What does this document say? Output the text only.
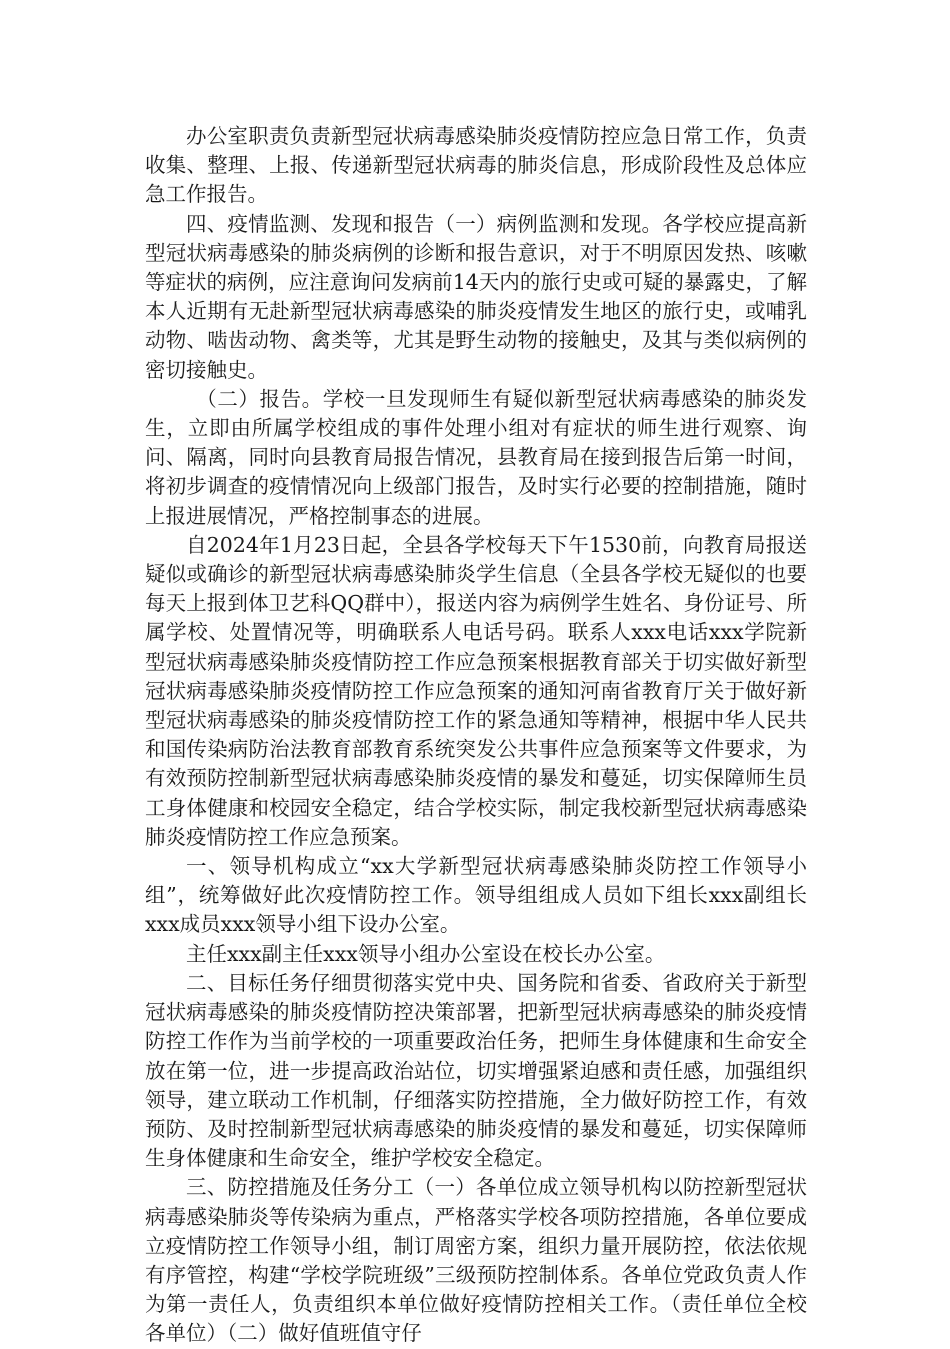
办公室职责负责新型冠状病毒感染肺炎疫情防控应急日常工作，负责收集、整理、上报、传递新型冠状病毒的肺炎信息，形成阶段性及总体应急工作报告。

四、疫情监测、发现和报告（一）病例监测和发现。各学校应提高新型冠状病毒感染的肺炎病例的诊断和报告意识，对于不明原因发热、咳嗽等症状的病例，应注意询问发病前14天内的旅行史或可疑的暴露史，了解本人近期有无赴新型冠状病毒感染的肺炎疫情发生地区的旅行史，或哺乳动物、啮齿动物、禽类等，尤其是野生动物的接触史，及其与类似病例的密切接触史。

（二）报告。学校一旦发现师生有疑似新型冠状病毒感染的肺炎发生，立即由所属学校组成的事件处理小组对有症状的师生进行观察、询问、隔离，同时向县教育局报告情况，县教育局在接到报告后第一时间，将初步调查的疫情情况向上级部门报告，及时实行必要的控制措施，随时上报进展情况，严格控制事态的进展。

自2024年1月23日起，全县各学校每天下午1530前，向教育局报送疑似或确诊的新型冠状病毒感染肺炎学生信息（全县各学校无疑似的也要每天上报到体卫艺科QQ群中），报送内容为病例学生姓名、身份证号、所属学校、处置情况等，明确联系人电话号码。联系人xxx电话xxx学院新型冠状病毒感染肺炎疫情防控工作应急预案根据教育部关于切实做好新型冠状病毒感染肺炎疫情防控工作应急预案的通知河南省教育厅关于做好新型冠状病毒感染的肺炎疫情防控工作的紧急通知等精神，根据中华人民共和国传染病防治法教育部教育系统突发公共事件应急预案等文件要求，为有效预防控制新型冠状病毒感染肺炎疫情的暴发和蔓延，切实保障师生员工身体健康和校园安全稳定，结合学校实际，制定我校新型冠状病毒感染肺炎疫情防控工作应急预案。

一、领导机构成立“xx大学新型冠状病毒感染肺炎防控工作领导小组”，统筹做好此次疫情防控工作。领导组组成人员如下组长xxx副组长xxx成员xxx领导小组下设办公室。

主任xxx副主任xxx领导小组办公室设在校长办公室。

二、目标任务仔细贯彻落实党中央、国务院和省委、省政府关于新型冠状病毒感染的肺炎疫情防控决策部署，把新型冠状病毒感染的肺炎疫情防控工作作为当前学校的一项重要政治任务，把师生身体健康和生命安全放在第一位，进一步提高政治站位，切实增强紧迫感和责任感，加强组织领导，建立联动工作机制，仔细落实防控措施，全力做好防控工作，有效预防、及时控制新型冠状病毒感染的肺炎疫情的暴发和蔓延，切实保障师生身体健康和生命安全，维护学校安全稳定。

三、防控措施及任务分工（一）各单位成立领导机构以防控新型冠状病毒感染肺炎等传染病为重点，严格落实学校各项防控措施，各单位要成立疫情防控工作领导小组，制订周密方案，组织力量开展防控，依法依规有序管控，构建“学校学院班级”三级预防控制体系。各单位党政负责人作为第一责任人，负责组织本单位做好疫情防控相关工作。（责任单位全校各单位）（二）做好值班值守仔
